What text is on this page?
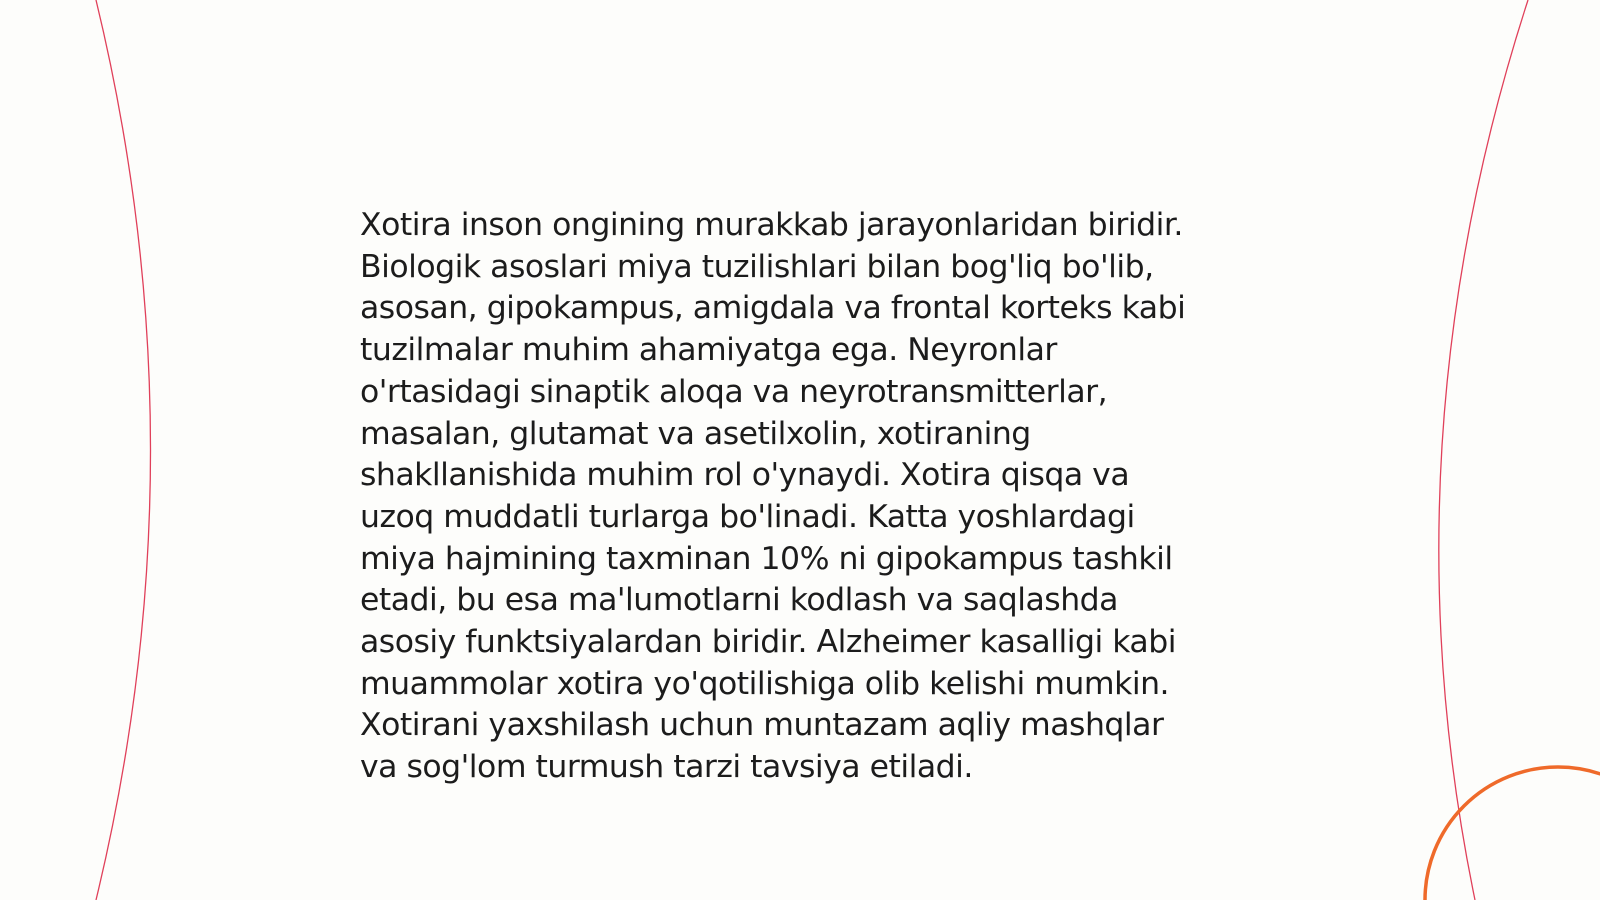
Xotira inson ongining murakkab jarayonlaridan biridir.
Biologik asoslari miya tuzilishlari bilan bog'liq bo'lib,
asosan, gipokampus, amigdala va frontal korteks kabi
tuzilmalar muhim ahamiyatga ega. Neyronlar
o'rtasidagi sinaptik aloqa va neyrotransmitterlar,
masalan, glutamat va asetilxolin, xotiraning
shakllanishida muhim rol o'ynaydi. Xotira qisqa va
uzoq muddatli turlarga bo'linadi. Katta yoshlardagi
miya hajmining taxminan 10% ni gipokampus tashkil
etadi, bu esa ma'lumotlarni kodlash va saqlashda
asosiy funktsiyalardan biridir. Alzheimer kasalligi kabi
muammolar xotira yo'qotilishiga olib kelishi mumkin.
Xotirani yaxshilash uchun muntazam aqliy mashqlar
va sog'lom turmush tarzi tavsiya etiladi.
